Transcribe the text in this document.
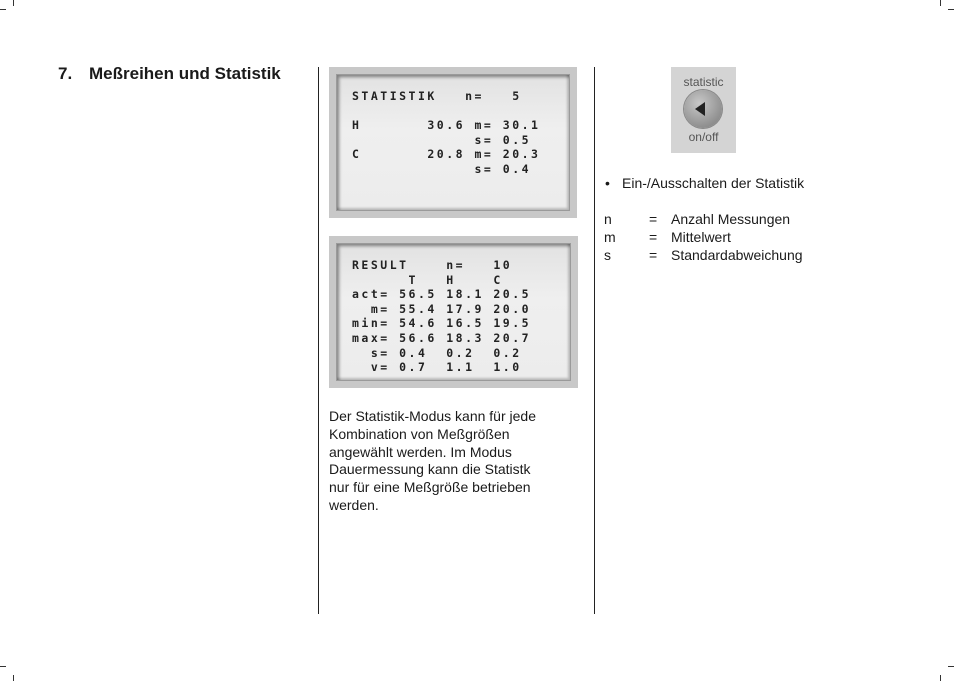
7. Meßreihen und Statistik
STATISTIK   n=   5

H       30.6 m= 30.1
s= 0.5
C       20.8 m= 20.3
s= 0.4
RESULT    n=   10
T   H    C
act= 56.5 18.1 20.5
m= 55.4 17.9 20.0
min= 54.6 16.5 19.5
max= 56.6 18.3 20.7
s= 0.4  0.2  0.2
v= 0.7  1.1  1.0
Der Statistik-Modus kann für jede
Kombination von Meßgrößen
angewählt werden. Im Modus
Dauermessung kann die Statistk
nur für eine Meßgröße betrieben
werden.
statistic
on/off
• Ein-/Ausschalten der Statistik
n	= Anzahl Messungen
m = Mittelwert
s	= Standardabweichung
